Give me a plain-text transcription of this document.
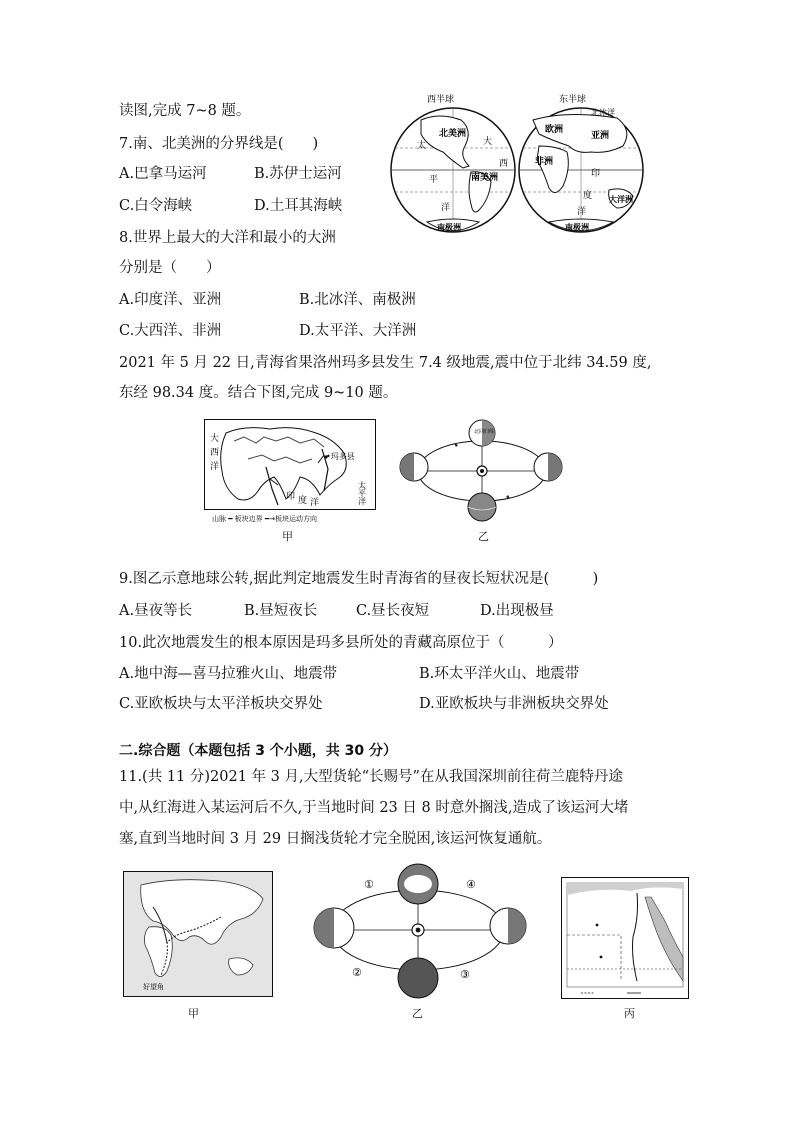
读图,完成 7~8 题。
7.南、北美洲的分界线是(　　)
A.巴拿马运河	B.苏伊士运河
C.白令海峡	D.土耳其海峡
8.世界上最大的大洋和最小的大洲
分别是（　　）
A.印度洋、亚洲	B.北冰洋、南极洲
C.大西洋、非洲	D.太平洋、大洋洲
西半球	东半球
北美洲
太	大
平	南美洲
西
洋
南极洲
北冰洋
欧洲
亚洲
非洲
印
度
洋
大洋洲
南极洲
2021 年 5 月 22 日,青海省果洛州玛多县发生 7.4 级地震,震中位于北纬 34.59 度,
东经 98.34 度。结合下图,完成 9~10 题。
大
西
洋
印 度 洋	太平洋
•玛多县
山脉 ━ 板块边界 ━→板块运动方向
甲
北回归线
乙
9.图乙示意地球公转,据此判定地震发生时青海省的昼夜长短状况是(　　　)
A.昼夜等长	B.昼短夜长	C.昼长夜短	D.出现极昼
10.此次地震发生的根本原因是玛多县所处的青藏高原位于（　　　）
A.地中海—喜马拉雅火山、地震带	B.环太平洋火山、地震带
C.亚欧板块与太平洋板块交界处	D.亚欧板块与非洲板块交界处
二.综合题（本题包括 3 个小题，共 30 分）
11.(共 11 分)2021 年 3 月,大型货轮“长赐号”在从我国深圳前往荷兰鹿特丹途
中,从红海进入某运河后不久,于当地时间 23 日 8 时意外搁浅,造成了该运河大堵
塞,直到当地时间 3 月 29 日搁浅货轮才完全脱困,该运河恢复通航。
好望角
甲
①
②	③
④
乙	丙
